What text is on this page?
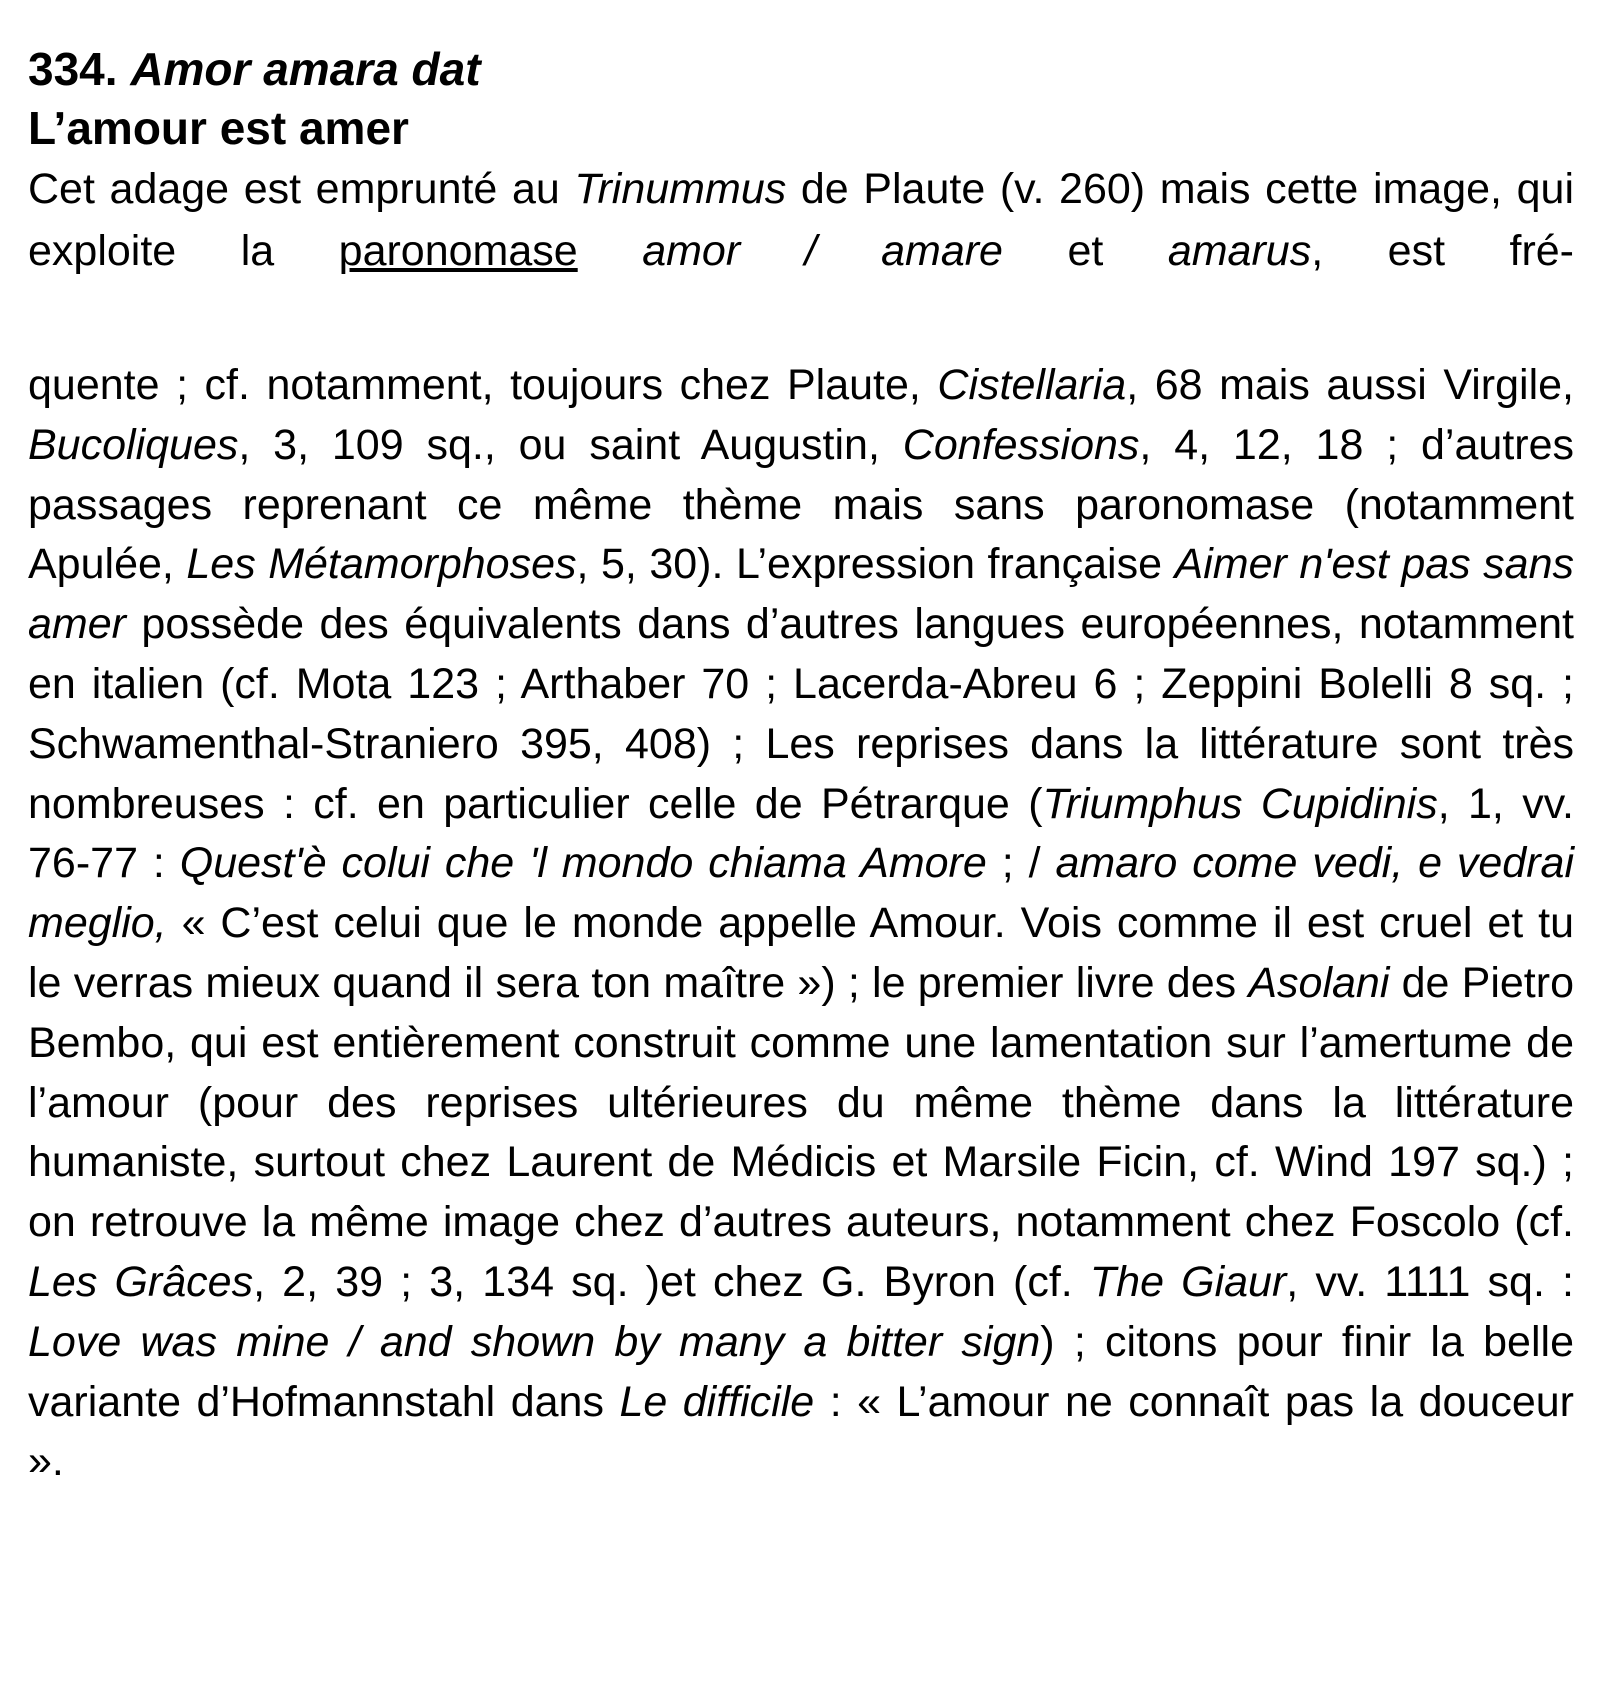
334. Amor amara dat
L’amour est amer

Cet adage est emprunté au Trinummus de Plaute (v. 260) mais cette image, qui exploite la paronomase amor / amare et amarus, est fré-

quente ; cf. notamment, toujours chez Plaute, Cistellaria, 68 mais aussi Virgile, Bucoliques, 3, 109 sq., ou saint Augustin, Confessions, 4, 12, 18 ; d’autres passages reprenant ce même thème mais sans paronomase (notamment Apulée, Les Métamorphoses, 5, 30). L’expression française Aimer n'est pas sans amer possède des équivalents dans d’autres langues européennes, notamment en italien (cf. Mota 123 ; Arthaber 70 ; Lacerda-Abreu 6 ; Zeppini Bolelli 8 sq. ; Schwamenthal-Straniero 395, 408) ; Les reprises dans la littérature sont très nombreuses : cf. en particulier celle de Pétrarque (Triumphus Cupidinis, 1, vv. 76-77 : Quest'è colui che 'l mondo chiama Amore ; / amaro come vedi, e vedrai meglio, « C’est celui que le monde appelle Amour. Vois comme il est cruel et tu le verras mieux quand il sera ton maître ») ; le premier livre des Asolani de Pietro Bembo, qui est entièrement construit comme une lamentation sur l’amertume de l’amour (pour des reprises ultérieures du même thème dans la littérature humaniste, surtout chez Laurent de Médicis et Marsile Ficin, cf. Wind 197 sq.) ; on retrouve la même image chez d’autres auteurs, notamment chez Foscolo (cf. Les Grâces, 2, 39 ; 3, 134 sq. )et chez G. Byron (cf. The Giaur, vv. 1111 sq. : Love was mine / and shown by many a bitter sign) ; citons pour finir la belle variante d’Hofmannstahl dans Le difficile : « L’amour ne connaît pas la douceur ».
